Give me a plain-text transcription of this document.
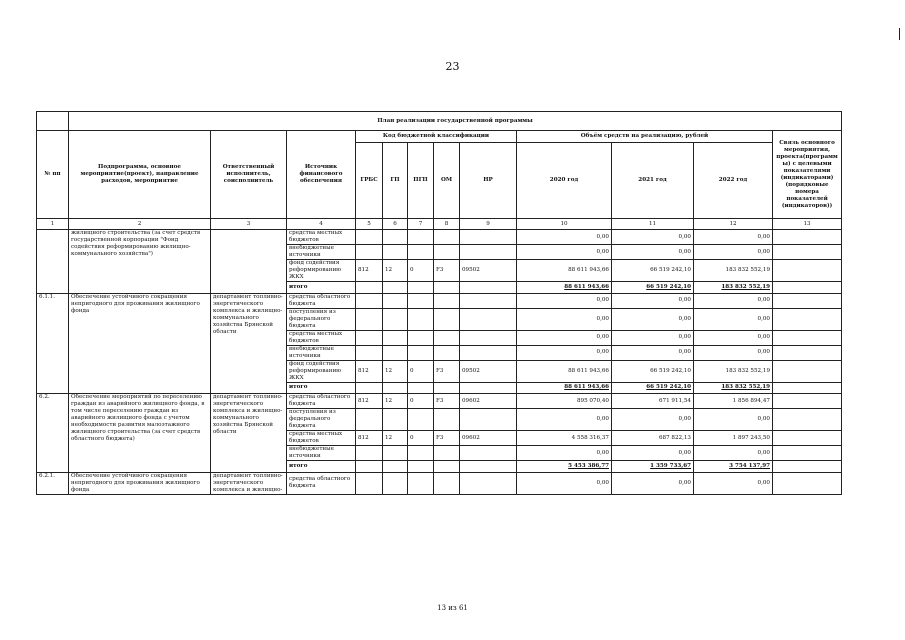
23
	План реализации государственной программы											
№ пп	Подпрограмма, основное мероприятие(проект), направление расходов, мероприятие	Ответственный исполнитель, соисполнитель	Источник финансового обеспечения	Код бюджетной классификации					Объём средств на реализацию, рублей			Связь основного мероприятия, проекта(программы) с целевыми показателями (индикаторами) (порядковые номера показателей (индикаторов))
				ГРБС	ГП	ПГП	ОМ	НР	2020 год	2021 год	2022 год	
1	2	3	4	5	6	7	8	9	10	11	12	13
	жилищного строительства (за счет средств государственной корпорации "Фонд содействия реформированию жилищно-коммунального хозяйства")		средства местных бюджетов						0,00	0,00	0,00	
			внебюджетные источники						0,00	0,00	0,00	
			фонд содействия реформированию ЖКХ	812	12	0	F3	09502	88 611 943,66	66 519 242,10	183 832 552,19	
			итого						88 611 943,66	66 519 242,10	183 832 552,19	
6.1.1.	Обеспечение устойчивого сокращения непригодного для проживания жилищного фонда	департамент топливно-энергетического комплекса и жилищно-коммунального хозяйства Брянской области	средства областного бюджета						0,00	0,00	0,00	
			поступления из федерального бюджета						0,00	0,00	0,00	
			средства местных бюджетов						0,00	0,00	0,00	
			внебюджетные источники						0,00	0,00	0,00	
			фонд содействия реформированию ЖКХ	812	12	0	F3	09502	88 611 943,66	66 519 242,10	183 832 552,19	
			итого						88 611 943,66	66 519 242,10	183 832 552,19	
6.2.	Обеспечение мероприятий по переселению граждан из аварийного жилищного фонда, в том числе переселению граждан из аварийного жилищного фонда с учетом необходимости развития малоэтажного жилищного строительства (за счет средств областного бюджета)	департамент топливно-энергетического комплекса и жилищно-коммунального хозяйства Брянской области	средства областного бюджета	812	12	0	F3	09602	895 070,40	671 911,54	1 856 894,47	
			поступления из федерального бюджета						0,00	0,00	0,00	
			средства местных бюджетов	812	12	0	F3	09602	4 558 316,37	687 822,13	1 897 243,50	
			внебюджетные источники						0,00	0,00	0,00	
			итого						5 453 386,77	1 359 733,67	3 754 137,97	
6.2.1.	Обеспечение устойчивого сокращения непригодного для проживания жилищного фонда	департамент топливно-энергетического комплекса и жилищно-	средства областного бюджета						0,00	0,00	0,00	
13 из 61
